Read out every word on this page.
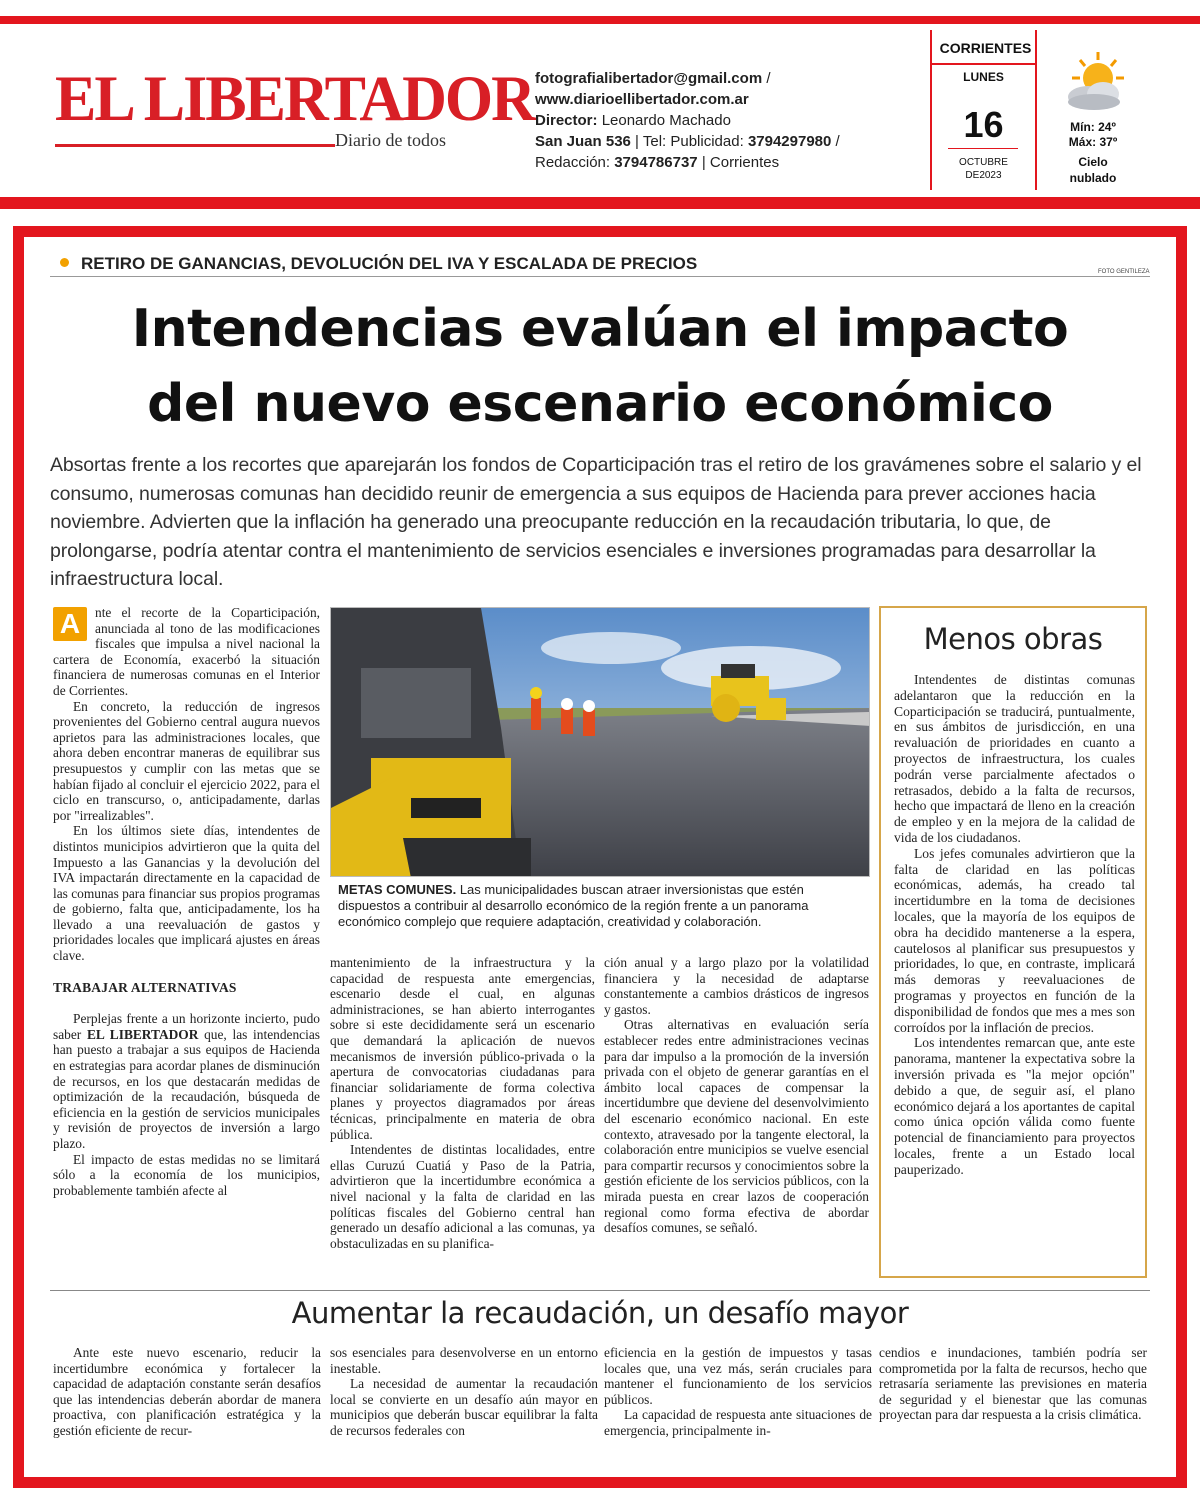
EL LIBERTADOR
Diario de todos
fotografialibertador@gmail.com /
www.diarioellibertador.com.ar
Director: Leonardo Machado
San Juan 536 | Tel: Publicidad: 3794297980 /
Redacción: 3794786737 | Corrientes
CORRIENTES
LUNES
16
OCTUBRE
DE2023
Mín: 24º
Máx: 37º
Cielo
nublado
RETIRO DE GANANCIAS, DEVOLUCIÓN DEL IVA Y ESCALADA DE PRECIOS	FOTO GENTILEZA
Intendencias evalúan el impacto
del nuevo escenario económico
Absortas frente a los recortes que aparejarán los fondos de Coparticipación tras el retiro de los gravámenes sobre el salario y el consumo, numerosas comunas han decidido reunir de emergencia a sus equipos de Hacienda para prever acciones hacia noviembre. Advierten que la inflación ha generado una preocupante reducción en la recaudación tributaria, lo que, de prolongarse, podría atentar contra el mantenimiento de servicios esenciales e inversiones programadas para desarrollar la infraestructura local.
A	nte el recorte de la Coparticipación, anunciada al tono de las modificaciones fiscales que impulsa a nivel nacional la cartera de Economía, exacerbó la situación financiera de numerosas comunas en el Interior de Corrientes.

En concreto, la reducción de ingresos provenientes del Gobierno central augura nuevos aprietos para las administraciones locales, que ahora deben encontrar maneras de equilibrar sus presupuestos y cumplir con las metas que se habían fijado al concluir el ejercicio 2022, para el ciclo en transcurso, o, anticipadamente, darlas por "irrealizables".

En los últimos siete días, intendentes de distintos municipios advirtieron que la quita del Impuesto a las Ganancias y la devolución del IVA impactarán directamente en la capacidad de las comunas para financiar sus propios programas de gobierno, falta que, anticipadamente, los ha llevado a una reevaluación de gastos y prioridades locales que implicará ajustes en áreas clave.

TRABAJAR ALTERNATIVAS

Perplejas frente a un horizonte incierto, pudo saber EL LIBERTADOR que, las intendencias han puesto a trabajar a sus equipos de Hacienda en estrategias para acordar planes de disminución de recursos, en los que destacarán medidas de optimización de la recaudación, búsqueda de eficiencia en la gestión de servicios municipales y revisión de proyectos de inversión a largo plazo.

El impacto de estas medidas no se limitará sólo a la economía de los municipios, probablemente también afecte al

METAS COMUNES. Las municipalidades buscan atraer inversionistas que estén dispuestos a contribuir al desarrollo económico de la región frente a un panorama económico complejo que requiere adaptación, creatividad y colaboración.

mantenimiento de la infraestructura y la capacidad de respuesta ante emergencias, escenario desde el cual, en algunas administraciones, se han abierto interrogantes sobre si este decididamente será un escenario que demandará la aplicación de nuevos mecanismos de inversión público-privada o la apertura de convocatorias ciudadanas para financiar solidariamente de forma colectiva planes y proyectos diagramados por áreas técnicas, principalmente en materia de obra pública.

Intendentes de distintas localidades, entre ellas Curuzú Cuatiá y Paso de la Patria, advirtieron que la incertidumbre económica a nivel nacional y la falta de claridad en las políticas fiscales del Gobierno central han generado un desafío adicional a las comunas, ya obstaculizadas en su planifica-

ción anual y a largo plazo por la volatilidad financiera y la necesidad de adaptarse constantemente a cambios drásticos de ingresos y gastos.

Otras alternativas en evaluación sería establecer redes entre administraciones vecinas para dar impulso a la promoción de la inversión privada con el objeto de generar garantías en el ámbito local capaces de compensar la incertidumbre que deviene del desenvolvimiento del escenario económico nacional. En este contexto, atravesado por la tangente electoral, la colaboración entre municipios se vuelve esencial para compartir recursos y conocimientos sobre la gestión eficiente de los servicios públicos, con la mirada puesta en crear lazos de cooperación regional como forma efectiva de abordar desafíos comunes, se señaló.

Menos obras

Intendentes de distintas comunas adelantaron que la reducción en la Coparticipación se traducirá, puntualmente, en sus ámbitos de jurisdicción, en una revaluación de prioridades en cuanto a proyectos de infraestructura, los cuales podrán verse parcialmente afectados o retrasados, debido a la falta de recursos, hecho que impactará de lleno en la creación de empleo y en la mejora de la calidad de vida de los ciudadanos.

Los jefes comunales advirtieron que la falta de claridad en las políticas económicas, además, ha creado tal incertidumbre en la toma de decisiones locales, que la mayoría de los equipos de obra ha decidido mantenerse a la espera, cautelosos al planificar sus presupuestos y prioridades, lo que, en contraste, implicará más demoras y reevaluaciones de programas y proyectos en función de la disponibilidad de fondos que mes a mes son corroídos por la inflación de precios.

Los intendentes remarcan que, ante este panorama, mantener la expectativa sobre la inversión privada es "la mejor opción" debido a que, de seguir así, el plano económico dejará a los aportantes de capital como única opción válida como fuente potencial de financiamiento para proyectos locales, frente a un Estado local pauperizado.

Aumentar la recaudación, un desafío mayor

Ante este nuevo escenario, reducir la incertidumbre económica y fortalecer la capacidad de adaptación constante serán desafíos que las intendencias deberán abordar de manera proactiva, con planificación estratégica y la gestión eficiente de recur-

sos esenciales para desenvolverse en un entorno inestable.

La necesidad de aumentar la recaudación local se convierte en un desafío aún mayor en municipios que deberán buscar equilibrar la falta de recursos federales con

eficiencia en la gestión de impuestos y tasas locales que, una vez más, serán cruciales para mantener el funcionamiento de los servicios públicos.

La capacidad de respuesta ante situaciones de emergencia, principalmente in-

cendios e inundaciones, también podría ser comprometida por la falta de recursos, hecho que retrasaría seriamente las previsiones en materia de seguridad y el bienestar que las comunas proyectan para dar respuesta a la crisis climática.
